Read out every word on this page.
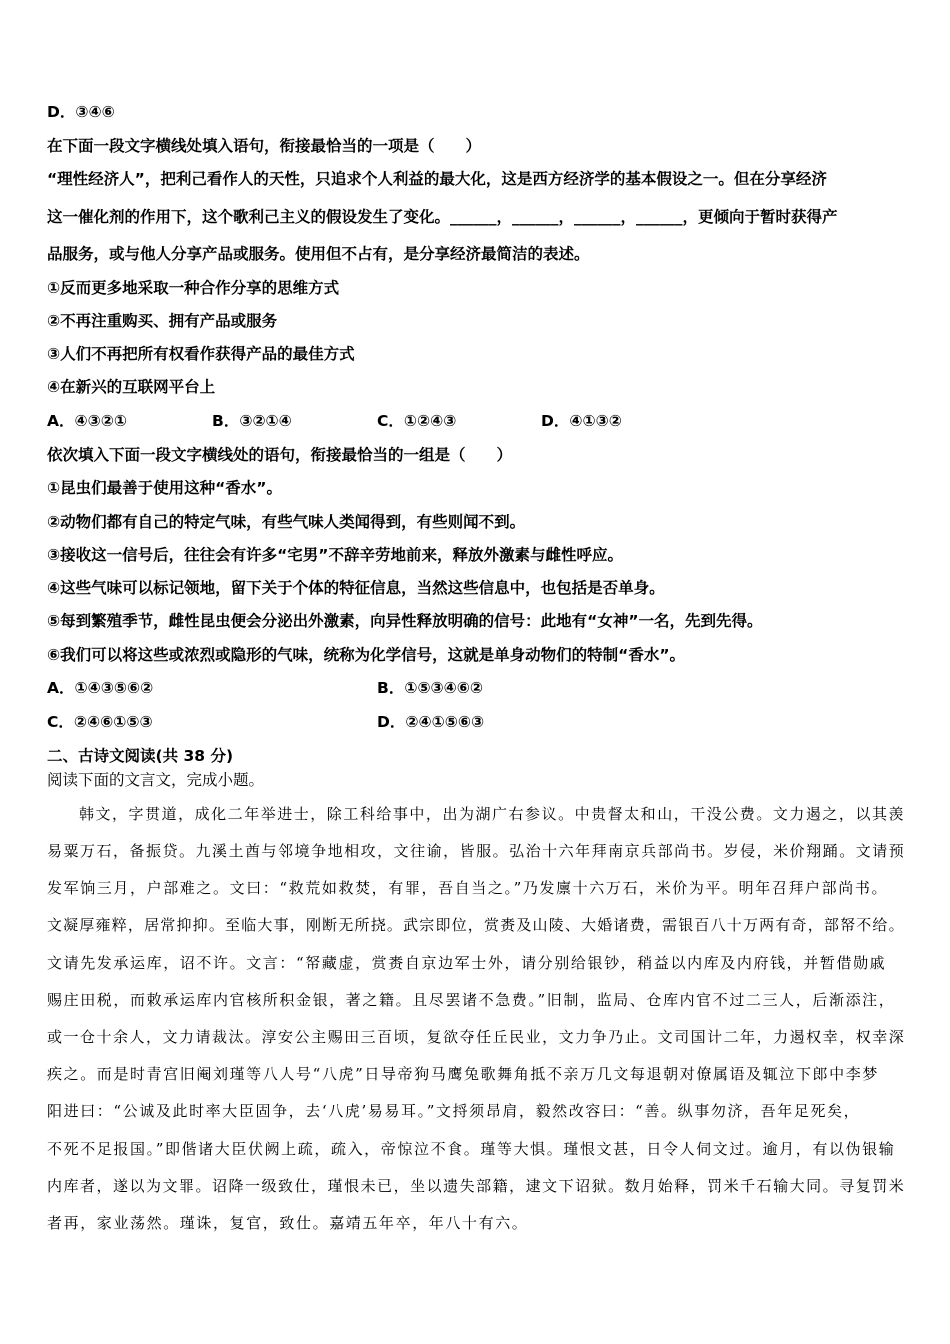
D．③④⑥
在下面一段文字横线处填入语句，衔接最恰当的一项是（　　）
“理性经济人”，把利己看作人的天性，只追求个人利益的最大化，这是西方经济学的基本假设之一。但在分享经济
这一催化剂的作用下，这个歌利己主义的假设发生了变化。______，______，______，______，更倾向于暂时获得产
品服务，或与他人分享产品或服务。使用但不占有，是分享经济最简洁的表述。
①反而更多地采取一种合作分享的思维方式
②不再注重购买、拥有产品或服务
③人们不再把所有权看作获得产品的最佳方式
④在新兴的互联网平台上
A．④③②①	B．③②①④	C．①②④③	D．④①③②
依次填入下面一段文字横线处的语句，衔接最恰当的一组是（　　）
①昆虫们最善于使用这种“香水”。
②动物们都有自己的特定气味，有些气味人类闻得到，有些则闻不到。
③接收这一信号后，往往会有许多“宅男”不辞辛劳地前来，释放外激素与雌性呼应。
④这些气味可以标记领地，留下关于个体的特征信息，当然这些信息中，也包括是否单身。
⑤每到繁殖季节，雌性昆虫便会分泌出外激素，向异性释放明确的信号：此地有“女神”一名，先到先得。
⑥我们可以将这些或浓烈或隐形的气味，统称为化学信号，这就是单身动物们的特制“香水”。
A．①④③⑤⑥②	B．①⑤③④⑥②
C．②④⑥①⑤③	D．②④①⑤⑥③
二、古诗文阅读(共 38 分)
阅读下面的文言文，完成小题。
韩文，字贯道，成化二年举进士，除工科给事中，出为湖广右参议。中贵督太和山，干没公费。文力遏之，以其羡
易粟万石，备振贷。九溪土酋与邻境争地相攻，文往谕，皆服。弘治十六年拜南京兵部尚书。岁侵，米价翔踊。文请预
发军饷三月，户部难之。文曰：“救荒如救焚，有罪，吾自当之。”乃发廪十六万石，米价为平。明年召拜户部尚书。
文凝厚雍粹，居常抑抑。至临大事，刚断无所挠。武宗即位，赏赉及山陵、大婚诸费，需银百八十万两有奇，部帑不给。
文请先发承运库，诏不许。文言：“帑藏虚，赏赉自京边军士外，请分别给银钞，稍益以内库及内府钱，并暂借勋戚
赐庄田税，而敕承运库内官核所积金银，著之籍。且尽罢诸不急费。”旧制，监局、仓库内官不过二三人，后渐添注，
或一仓十余人，文力请裁汰。淳安公主赐田三百顷，复欲夺任丘民业，文力争乃止。文司国计二年，力遏权幸，权幸深
疾之。而是时青宫旧阉刘瑾等八人号“八虎”日导帝狗马鹰兔歌舞角抵不亲万几文每退朝对僚属语及辄泣下郎中李梦
阳进曰：“公诚及此时率大臣固争，去‘八虎’易易耳。”文捋须昂肩，毅然改容曰：“善。纵事勿济，吾年足死矣，
不死不足报国。”即偕诸大臣伏阙上疏，疏入，帝惊泣不食。瑾等大惧。瑾恨文甚，日令人伺文过。逾月，有以伪银输
内库者，遂以为文罪。诏降一级致仕，瑾恨未已，坐以遗失部籍，逮文下诏狱。数月始释，罚米千石输大同。寻复罚米
者再，家业荡然。瑾诛，复官，致仕。嘉靖五年卒，年八十有六。
